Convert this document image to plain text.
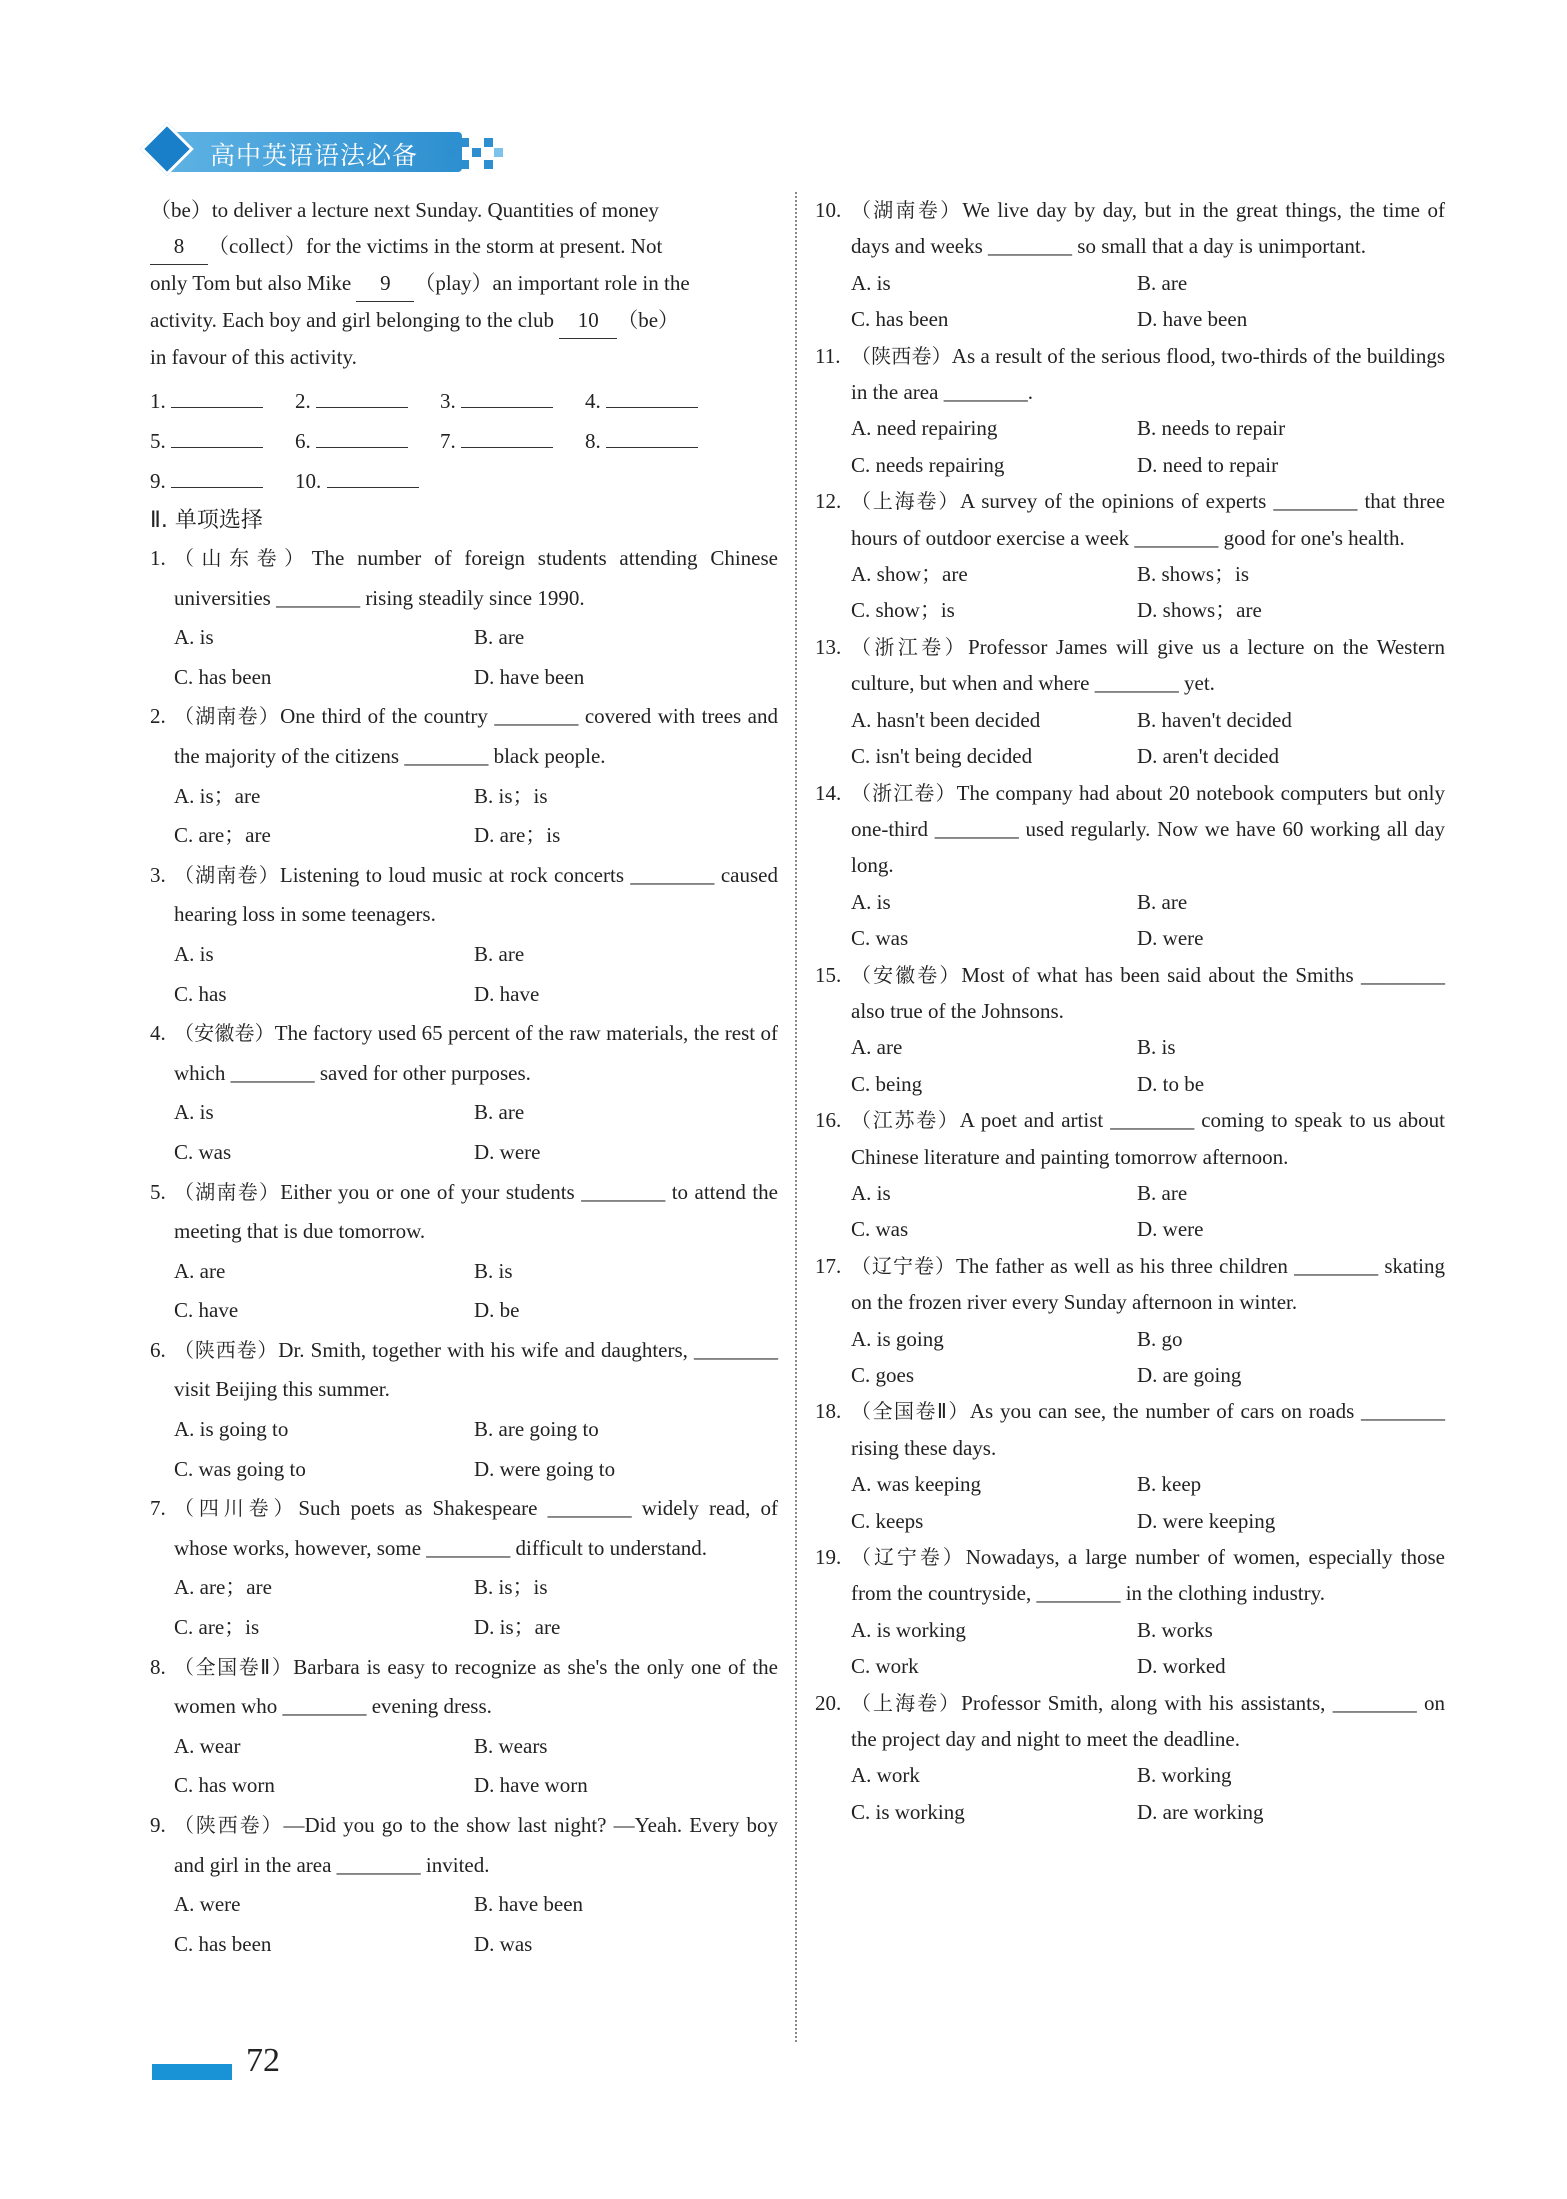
高中英语语法必备

（be）to deliver a lecture next Sunday. Quantities of money

8 （collect）for the victims in the storm at present. Not

only Tom but also Mike 9 （play）an important role in the

activity. Each boy and girl belonging to the club 10 （be）

in favour of this activity.

1.	2.	3.	4.
5.	6.	7.	8.
9.	10.

Ⅱ. 单项选择

1. （山东卷）The number of foreign students attending Chinese universities ________ rising steadily since 1990.
A. is	B. are
C. has been	D. have been
2. （湖南卷）One third of the country ________ covered with trees and the majority of the citizens ________ black people.
A. is；are	B. is；is
C. are；are	D. are；is
3. （湖南卷）Listening to loud music at rock concerts ________ caused hearing loss in some teenagers.
A. is	B. are
C. has	D. have
4. （安徽卷）The factory used 65 percent of the raw materials, the rest of which ________ saved for other purposes.
A. is	B. are
C. was	D. were
5. （湖南卷）Either you or one of your students ________ to attend the meeting that is due tomorrow.
A. are	B. is
C. have	D. be
6. （陕西卷）Dr. Smith, together with his wife and daughters, ________ visit Beijing this summer.
A. is going to	B. are going to
C. was going to	D. were going to
7. （四川卷）Such poets as Shakespeare ________ widely read, of whose works, however, some ________ difficult to understand.
A. are；are	B. is；is
C. are；is	D. is；are
8. （全国卷Ⅱ）Barbara is easy to recognize as she's the only one of the women who ________ evening dress.
A. wear	B. wears
C. has worn	D. have worn
9. （陕西卷）—Did you go to the show last night? —Yeah. Every boy and girl in the area ________ invited.
A. were	B. have been
C. has been	D. was
10. （湖南卷）We live day by day, but in the great things, the time of days and weeks ________ so small that a day is unimportant.
A. is	B. are
C. has been	D. have been
11. （陕西卷）As a result of the serious flood, two-thirds of the buildings in the area ________.
A. need repairing	B. needs to repair
C. needs repairing	D. need to repair
12. （上海卷）A survey of the opinions of experts ________ that three hours of outdoor exercise a week ________ good for one's health.
A. show；are	B. shows；is
C. show；is	D. shows；are
13. （浙江卷）Professor James will give us a lecture on the Western culture, but when and where ________ yet.
A. hasn't been decided	B. haven't decided
C. isn't being decided	D. aren't decided
14. （浙江卷）The company had about 20 notebook computers but only one-third ________ used regularly. Now we have 60 working all day long.
A. is	B. are
C. was	D. were
15. （安徽卷）Most of what has been said about the Smiths ________ also true of the Johnsons.
A. are	B. is
C. being	D. to be
16. （江苏卷）A poet and artist ________ coming to speak to us about Chinese literature and painting tomorrow afternoon.
A. is	B. are
C. was	D. were
17. （辽宁卷）The father as well as his three children ________ skating on the frozen river every Sunday afternoon in winter.
A. is going	B. go
C. goes	D. are going
18. （全国卷Ⅱ）As you can see, the number of cars on roads ________ rising these days.
A. was keeping	B. keep
C. keeps	D. were keeping
19. （辽宁卷）Nowadays, a large number of women, especially those from the countryside, ________ in the clothing industry.
A. is working	B. works
C. work	D. worked
20. （上海卷）Professor Smith, along with his assistants, ________ on the project day and night to meet the deadline.
A. work	B. working
C. is working	D. are working
72
